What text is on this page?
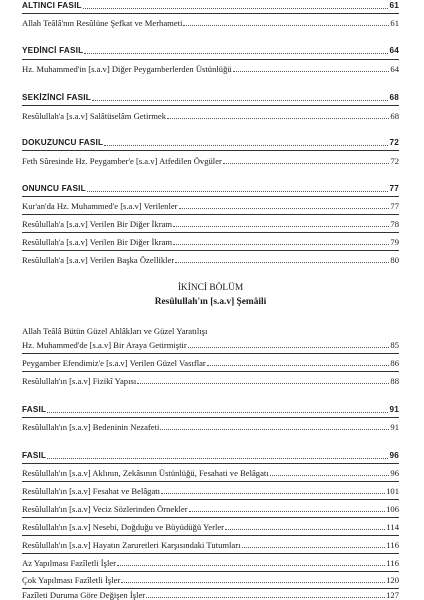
ALTINCI FASIL	61
Allah Teâlâ'nın Resûlüne Şefkat ve Merhameti	61
YEDİNCİ FASIL	64
Hz. Muhammed'in [s.a.v] Diğer Peygamberlerden Üstünlüğü	64
SEKİZİNCİ FASIL	68
Resûlullah'a [s.a.v] Salâtüselâm Getirmek	68
DOKUZUNCU FASIL	72
Feth Sûresinde Hz. Peygamber'e [s.a.v] Atfedilen Övgüler	72
ONUNCU FASIL	77
Kur'an'da Hz. Muhammed'e [s.a.v] Verilenler	77
Resûlullah'a [s.a.v] Verilen Bir Diğer İkram	78
Resûlullah'a [s.a.v] Verilen Bir Diğer İkram	79
Resûlullah'a [s.a.v] Verilen Başka Özellikler	80
İKİNCİ BÖLÜM
Resûlullah'ın [s.a.v] Şemâili
Allah Teâlâ Bütün Güzel Ahlâkları ve Güzel Yaratılışı
Hz. Muhammed'de [s.a.v] Bir Araya Getirmiştir	85
Peygamber Efendimiz'e [s.a.v] Verilen Güzel Vasıflar	86
Resûlullah'ın [s.a.v] Fizikî Yapısı	88
FASIL	91
Resûlullah'ın [s.a.v] Bedeninin Nezafeti	91
FASIL	96
Resûlullah'ın [s.a.v] Aklının, Zekâsının Üstünlüğü, Fesahati ve Belâgatı	96
Resûlullah'ın [s.a.v] Fesahat ve Belâgatı	101
Resûlullah'ın [s.a.v] Veciz Sözlerinden Örnekler	106
Resûlullah'ın [s.a.v] Nesebi, Doğduğu ve Büyüdüğü Yerler	114
Resûlullah'ın [s.a.v] Hayatın Zaruretleri Karşısındaki Tutumları	116
Az Yapılması Fazîletli İşler	116
Çok Yapılması Fazîletli İşler	120
Fazîleti Duruma Göre Değişen İşler	127
